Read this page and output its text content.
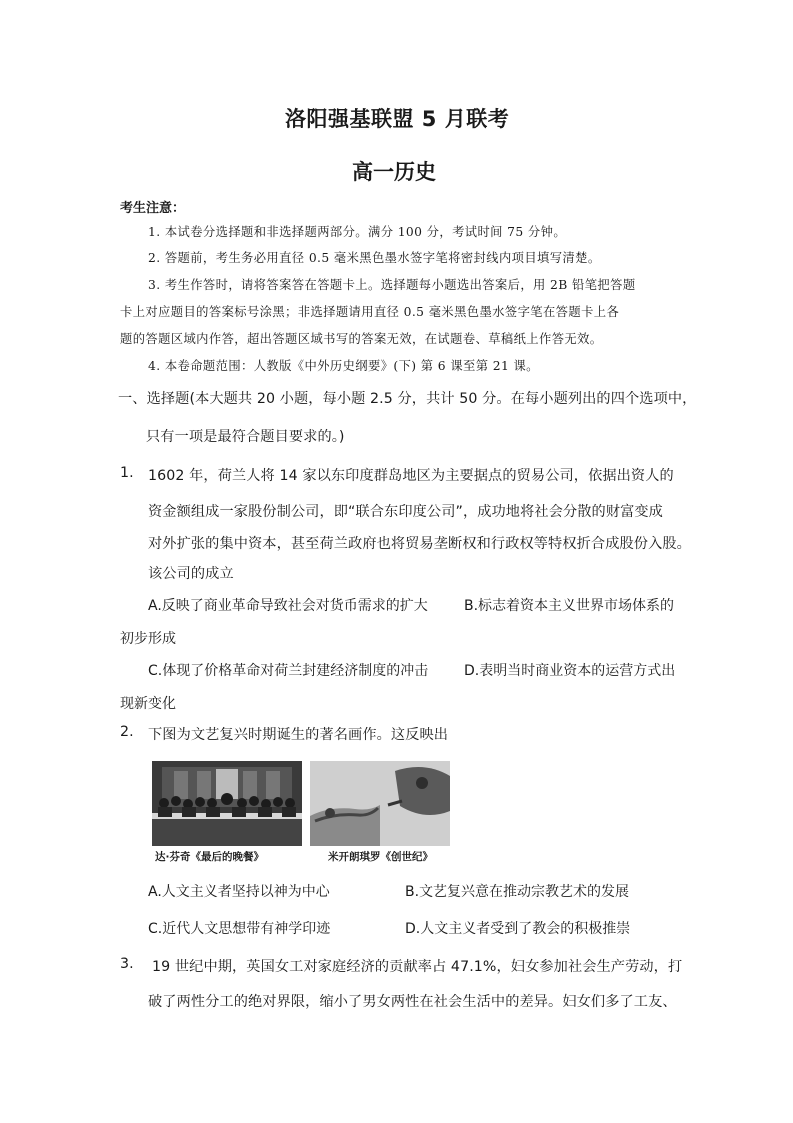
洛阳强基联盟 5 月联考
高一历史
考生注意：
1. 本试卷分选择题和非选择题两部分。满分 100 分，考试时间 75 分钟。
2. 答题前，考生务必用直径 0.5 毫米黑色墨水签字笔将密封线内项目填写清楚。
3. 考生作答时，请将答案答在答题卡上。选择题每小题选出答案后，用 2B 铅笔把答题
卡上对应题目的答案标号涂黑；非选择题请用直径 0.5 毫米黑色墨水签字笔在答题卡上各
题的答题区域内作答，超出答题区域书写的答案无效，在试题卷、草稿纸上作答无效。
4. 本卷命题范围：人教版《中外历史纲要》(下) 第 6 课至第 21 课。
一、选择题(本大题共 20 小题，每小题 2.5 分，共计 50 分。在每小题列出的四个选项中，
只有一项是最符合题目要求的。)
1. 1602 年，荷兰人将 14 家以东印度群岛地区为主要据点的贸易公司，依据出资人的
资金额组成一家股份制公司，即“联合东印度公司”，成功地将社会分散的财富变成
对外扩张的集中资本，甚至荷兰政府也将贸易垄断权和行政权等特权折合成股份入股。
该公司的成立
A.反映了商业革命导致社会对货币需求的扩大	B.标志着资本主义世界市场体系的
初步形成
C.体现了价格革命对荷兰封建经济制度的冲击	D.表明当时商业资本的运营方式出
现新变化
2. 下图为文艺复兴时期诞生的著名画作。这反映出
达·芬奇《最后的晚餐》	米开朗琪罗《创世纪》
A.人文主义者坚持以神为中心	B.文艺复兴意在推动宗教艺术的发展
C.近代人文思想带有神学印迹	D.人文主义者受到了教会的积极推崇
3. 19 世纪中期，英国女工对家庭经济的贡献率占 47.1%，妇女参加社会生产劳动，打
破了两性分工的绝对界限，缩小了男女两性在社会生活中的差异。妇女们多了工友、
